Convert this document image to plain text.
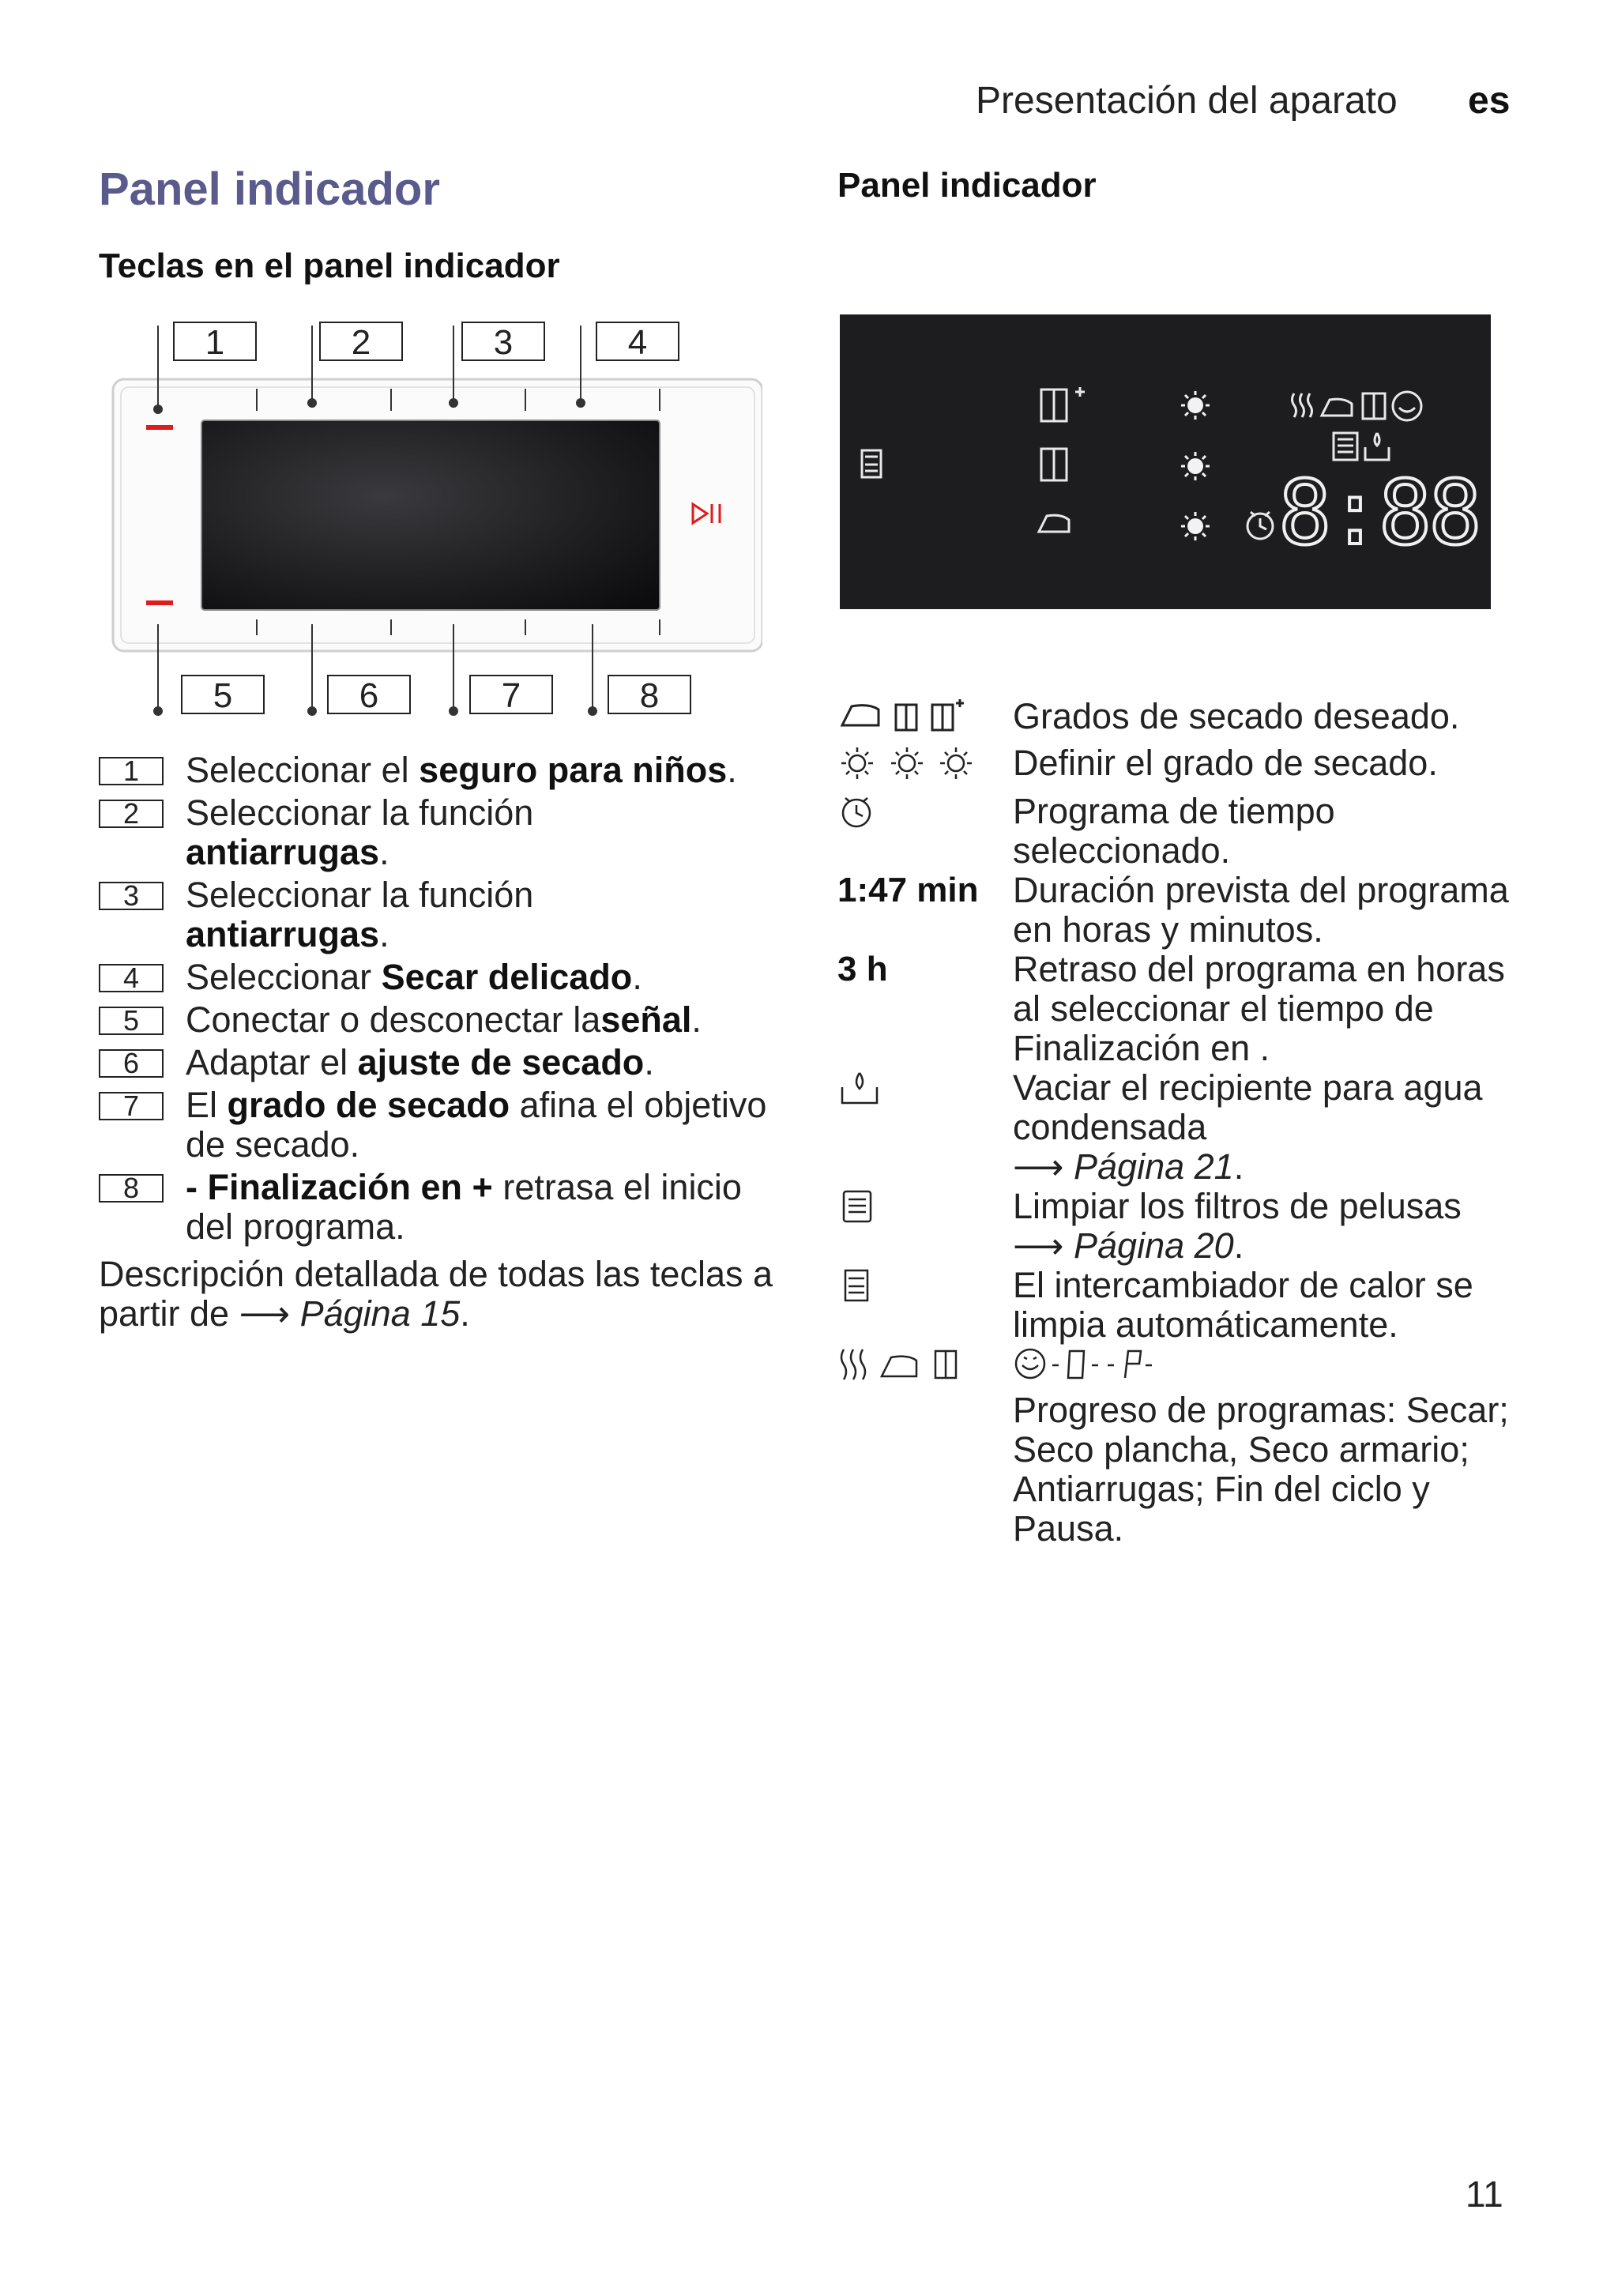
Presentación del aparato es
Panel indicador
Teclas en el panel indicador
Panel indicador
1	2	3	4
5	6	7	8
1	Seleccionar el seguro para niños.
2	Seleccionar la función
antiarrugas.
3	Seleccionar la función
antiarrugas.
4	Seleccionar Secar delicado.
5	Conectar o desconectar laseñal.
6	Adaptar el ajuste de secado.
7	El grado de secado afina el objetivo de secado.
8	- Finalización en + retrasa el inicio del programa.
Descripción detallada de todas las teclas a partir de ⟶ Página 15.
8:88
Grados de secado deseado.
Definir el grado de secado.
Programa de tiempo seleccionado.
1:47 min Duración prevista del programa en horas y minutos.
3 h	Retraso del programa en horas al seleccionar el tiempo de Finalización en .
Vaciar el recipiente para agua condensada
⟶ Página 21.
Limpiar los filtros de pelusas
⟶ Página 20.
El intercambiador de calor se limpia automáticamente.

Progreso de programas: Secar; Seco plancha, Seco armario; Antiarrugas; Fin del ciclo y Pausa.
11
